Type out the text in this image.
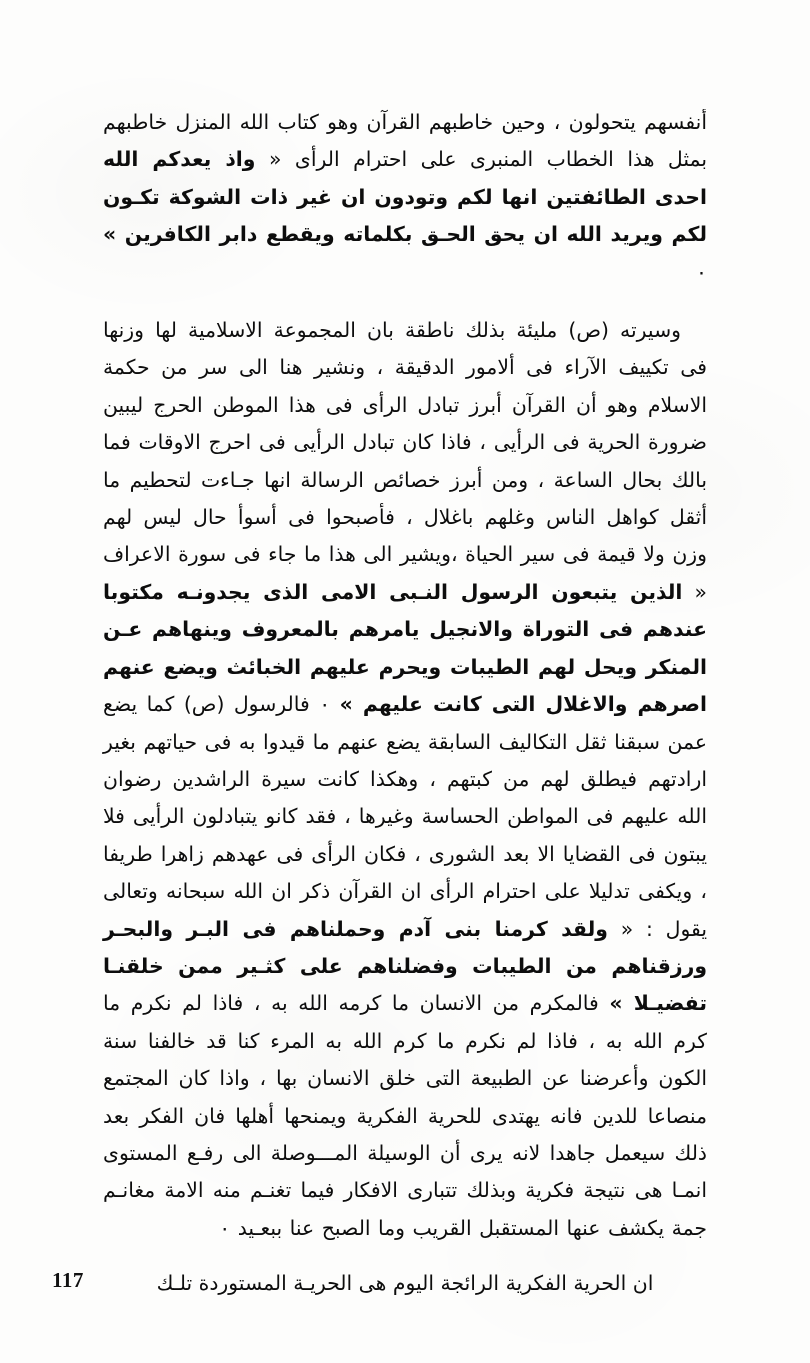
أنفسهم يتحولون ، وحين خاطبهم القرآن وهو كتاب الله المنزل خاطبهم بمثل هذا الخطاب المنبرى على احترام الرأى « واذ يعدكم الله احدى الطائفتين انها لكم وتودون ان غير ذات الشوكة تكـون لكم ويريد الله ان يحق الحـق بكلماته ويقطع دابر الكافرين » ٠

وسيرته (ص) مليئة بذلك ناطقة بان المجموعة الاسلامية لها وزنها فى تكييف الآراء فى ألامور الدقيقة ، ونشير هنا الى سر من حكمة الاسلام وهو أن القرآن أبرز تبادل الرأى فى هذا الموطن الحرج ليبين ضرورة الحرية فى الرأيى ، فاذا كان تبادل الرأيى فى احرج الاوقات فما بالك بحال الساعة ، ومن أبرز خصائص الرسالة انها جـاءت لتحطيم ما أثقل كواهل الناس وغلهم باغلال ، فأصبحوا فى أسوأ حال ليس لهم وزن ولا قيمة فى سير الحياة ،ويشير الى هذا ما جاء فى سورة الاعراف « الذين يتبعون الرسول النـبى الامى الذى يجدونـه مكتوبا عندهم فى التوراة والانجيل يامرهم بالمعروف وينهاهم عـن المنكر ويحل لهم الطيبات ويحرم عليهم الخبائث ويضع عنهم اصرهم والاغلال التى كانت عليهم » ٠ فالرسول (ص) كما يضع عمن سبقنا ثقل التكاليف السابقة يضع عنهم ما قيدوا به فى حياتهم بغير ارادتهم فيطلق لهم من كبتهم ، وهكذا كانت سيرة الراشدين رضوان الله عليهم فى المواطن الحساسة وغيرها ، فقد كانو يتبادلون الرأيى فلا يبتون فى القضايا الا بعد الشورى ، فكان الرأى فى عهدهم زاهرا طريفا ، ويكفى تدليلا على احترام الرأى ان القرآن ذكر ان الله سبحانه وتعالى يقول : « ولقد كرمنا بنى آدم وحملناهم فى البـر والبحـر ورزقناهم من الطيبات وفضلناهم على كثـير ممن خلقنـا تفضيـلا » فالمكرم من الانسان ما كرمه الله به ، فاذا لم نكرم ما كرم الله به ، فاذا لم نكرم ما كرم الله به المرء كنا قد خالفنا سنة الكون وأعرضنا عن الطبيعة التى خلق الانسان بها ، واذا كان المجتمع منصاعا للدين فانه يهتدى للحرية الفكرية ويمنحها أهلها فان الفكر بعد ذلك سيعمل جاهدا لانه يرى أن الوسيلة المـــوصلة الى رفـع المستوى انمـا هى نتيجة فكرية وبذلك تتبارى الافكار فيما تغنـم منه الامة مغانـم جمة يكشف عنها المستقبل القريب وما الصبح عنا ببعـيد ٠

ان الحرية الفكرية الرائجة اليوم هى الحريـة المستوردة تلـك
117
